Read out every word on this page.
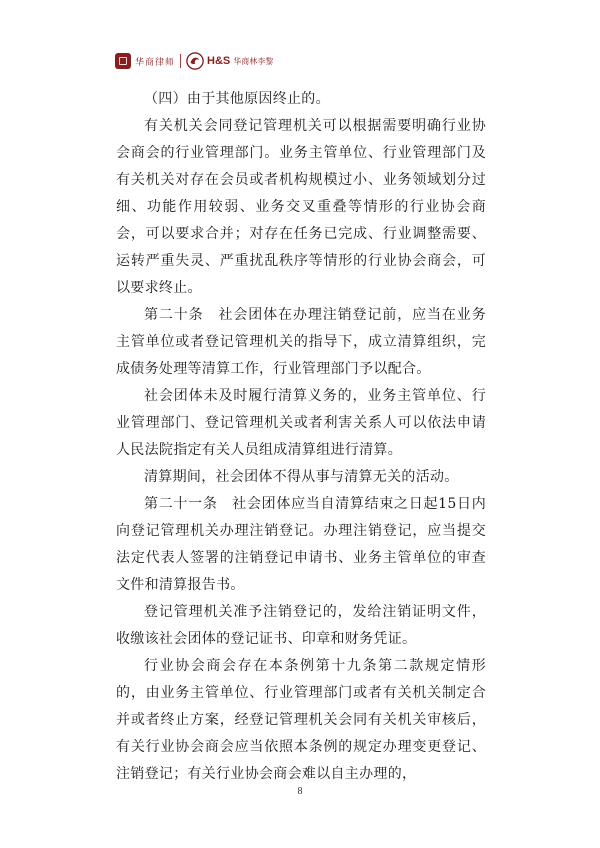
华商律师	H&S 华商林李黎

（四）由于其他原因终止的。

有关机关会同登记管理机关可以根据需要明确行业协会商会的行业管理部门。业务主管单位、行业管理部门及有关机关对存在会员或者机构规模过小、业务领域划分过细、功能作用较弱、业务交叉重叠等情形的行业协会商会，可以要求合并；对存在任务已完成、行业调整需要、运转严重失灵、严重扰乱秩序等情形的行业协会商会，可以要求终止。

第二十条　社会团体在办理注销登记前，应当在业务主管单位或者登记管理机关的指导下，成立清算组织，完成债务处理等清算工作，行业管理部门予以配合。

社会团体未及时履行清算义务的，业务主管单位、行业管理部门、登记管理机关或者利害关系人可以依法申请人民法院指定有关人员组成清算组进行清算。

清算期间，社会团体不得从事与清算无关的活动。

第二十一条　社会团体应当自清算结束之日起15日内向登记管理机关办理注销登记。办理注销登记，应当提交法定代表人签署的注销登记申请书、业务主管单位的审查文件和清算报告书。

登记管理机关准予注销登记的，发给注销证明文件，收缴该社会团体的登记证书、印章和财务凭证。

行业协会商会存在本条例第十九条第二款规定情形的，由业务主管单位、行业管理部门或者有关机关制定合并或者终止方案，经登记管理机关会同有关机关审核后，有关行业协会商会应当依照本条例的规定办理变更登记、注销登记；有关行业协会商会难以自主办理的，

8
